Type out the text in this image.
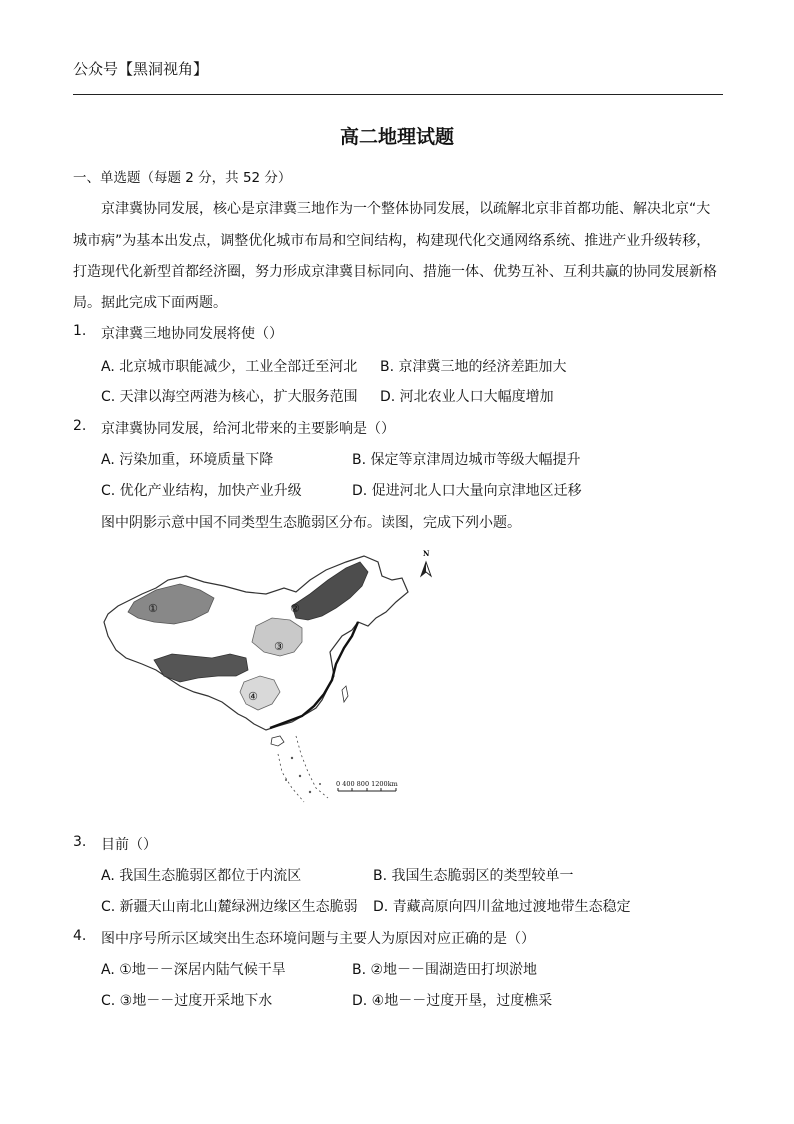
公众号【黑洞视角】
高二地理试题
一、单选题（每题 2 分，共 52 分）
京津冀协同发展，核心是京津冀三地作为一个整体协同发展，以疏解北京非首都功能、解决北京“大
城市病”为基本出发点，调整优化城市布局和空间结构，构建现代化交通网络系统、推进产业升级转移，
打造现代化新型首都经济圈，努力形成京津冀目标同向、措施一体、优势互补、互利共赢的协同发展新格
局。据此完成下面两题。
1. 京津冀三地协同发展将使（）
A. 北京城市职能减少，工业全部迁至河北 B. 京津冀三地的经济差距加大
C. 天津以海空两港为核心，扩大服务范围 D. 河北农业人口大幅度增加
2. 京津冀协同发展，给河北带来的主要影响是（）
A. 污染加重，环境质量下降	B. 保定等京津周边城市等级大幅提升
C. 优化产业结构，加快产业升级	D. 促进河北人口大量向京津地区迁移
图中阴影示意中国不同类型生态脆弱区分布。读图，完成下列小题。
N
①	②
③
④
0 400 800 1200km
3. 目前（）
A. 我国生态脆弱区都位于内流区	B. 我国生态脆弱区的类型较单一
C. 新疆天山南北山麓绿洲边缘区生态脆弱 D. 青藏高原向四川盆地过渡地带生态稳定
4. 图中序号所示区域突出生态环境问题与主要人为原因对应正确的是（）
A. ①地－－深居内陆气候干旱	B. ②地－－围湖造田打坝淤地
C. ③地－－过度开采地下水	D. ④地－－过度开垦，过度樵采
